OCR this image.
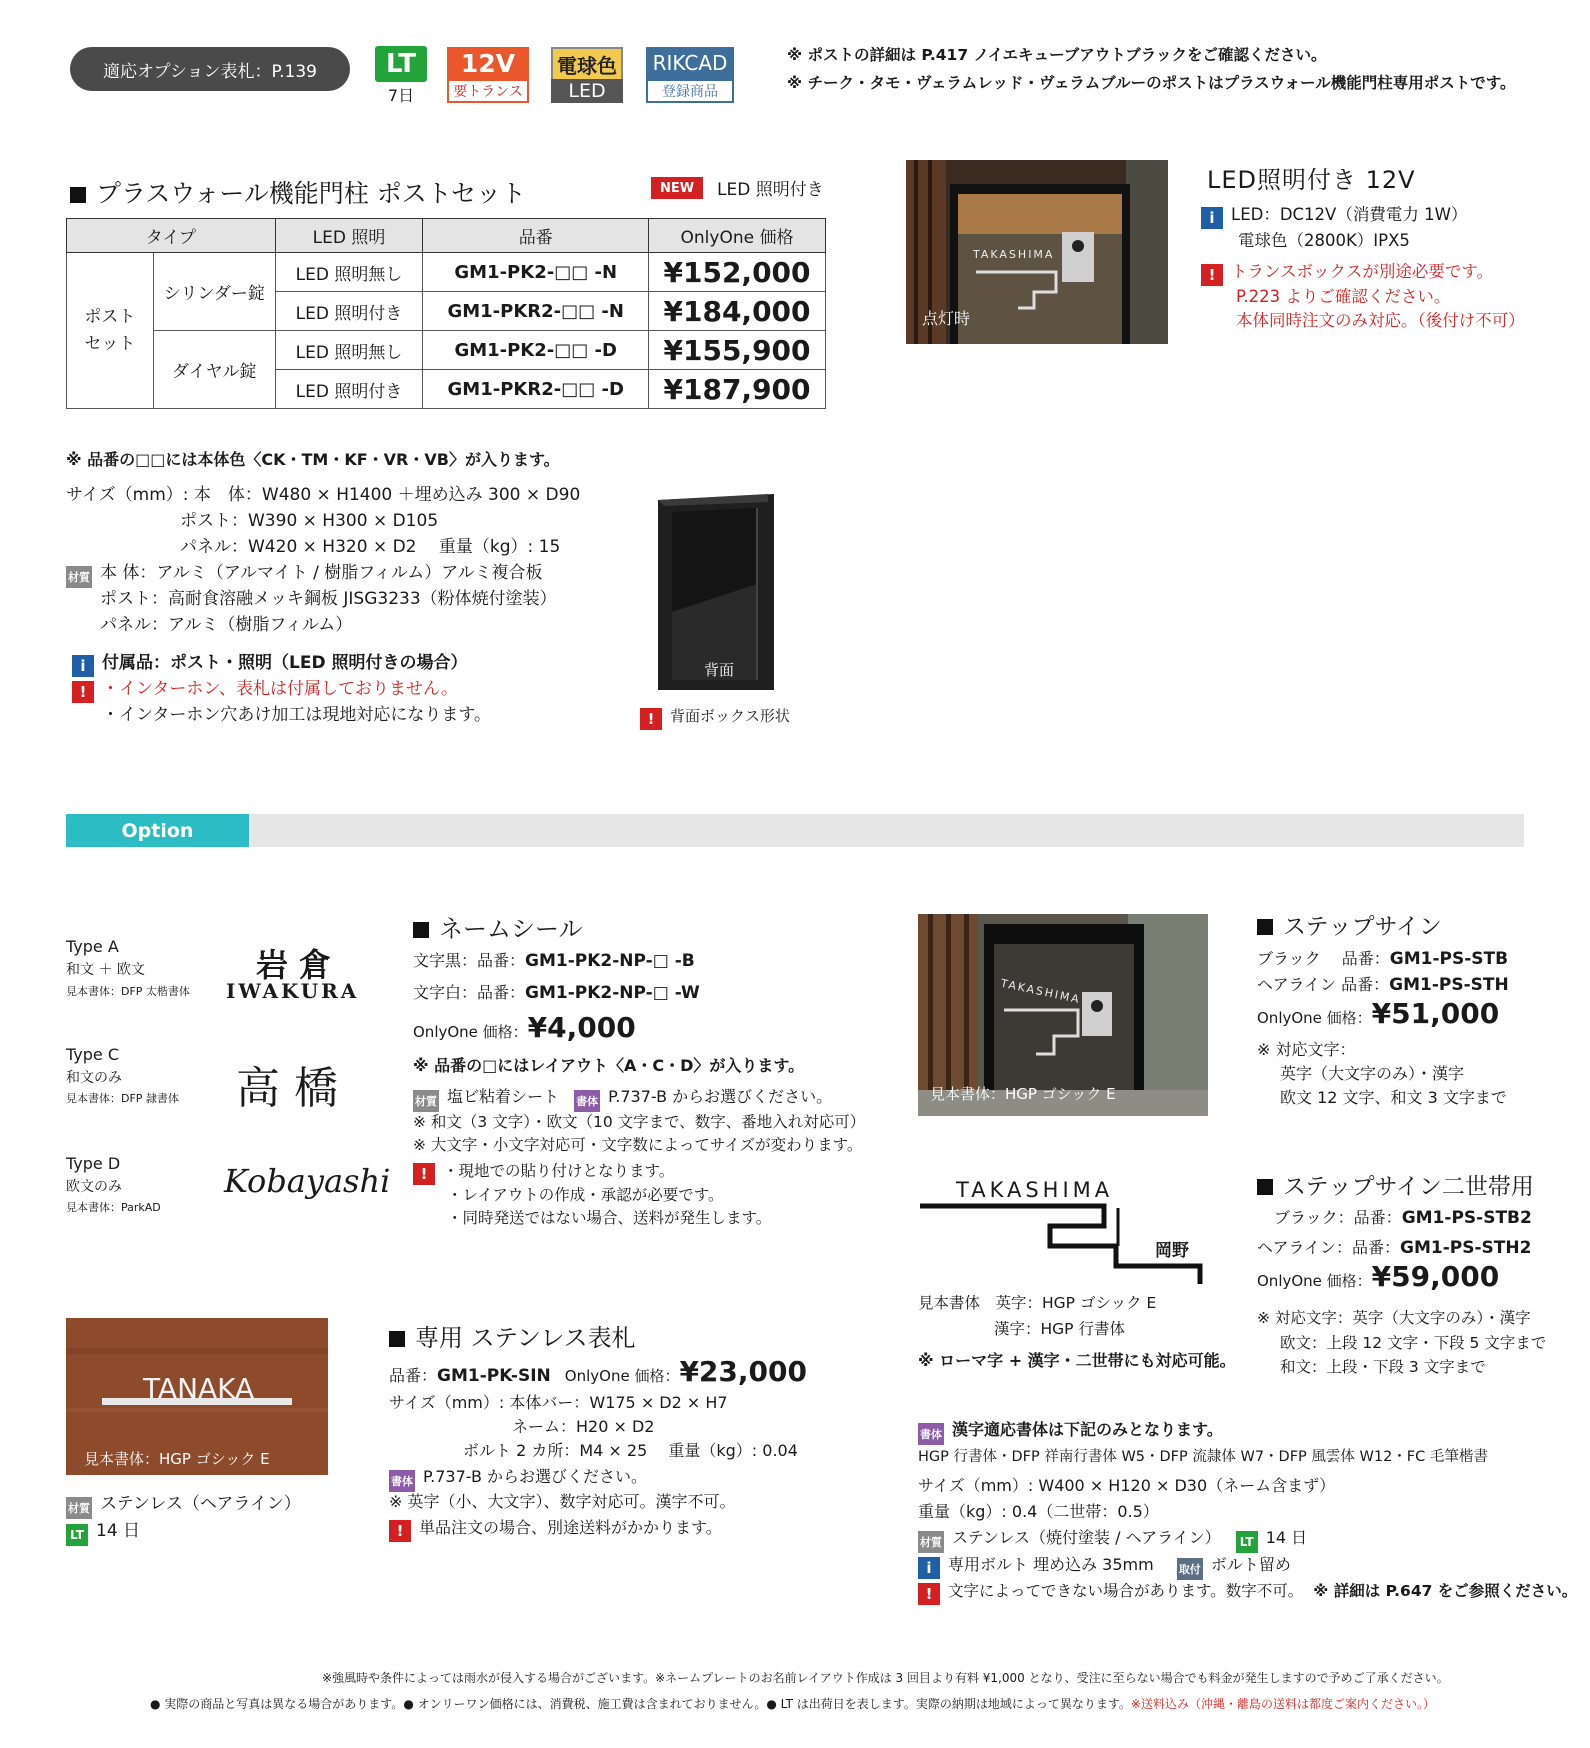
適応オプション表札：P.139	LT
7日
12V
要トランス
電球色
LED
RIKCAD
登録商品
※ ポストの詳細は P.417 ノイエキューブアウトブラックをご確認ください。
※ チーク・タモ・ヴェラムレッド・ヴェラムブルーのポストはプラスウォール機能門柱専用ポストです。
プラスウォール機能門柱 ポストセット	NEW	LED 照明付き
タイプ		LED 照明	品番	OnlyOne 価格
ポスト
セット	シリンダー錠	LED 照明無し	GM1-PK2-□□ -N	¥152,000
		LED 照明付き	GM1-PKR2-□□ -N	¥184,000
	ダイヤル錠	LED 照明無し	GM1-PK2-□□ -D	¥155,900
		LED 照明付き	GM1-PKR2-□□ -D	¥187,900
※ 品番の□□には本体色〈CK・TM・KF・VR・VB〉が入ります。
サイズ（mm）: 本　体：W480 × H1400 ＋埋め込み 300 × D90
ポスト：W390 × H300 × D105
パネル：W420 × H320 × D2　 重量（kg）: 15
材質 本 体：アルミ（アルマイト / 樹脂フィルム）アルミ複合板
ポスト：高耐食溶融メッキ鋼板 JISG3233（粉体焼付塗装）
パネル：アルミ（樹脂フィルム）
i 付属品：ポスト・照明（LED 照明付きの場合）
! ・インターホン、表札は付属しておりません。
・インターホン穴あけ加工は現地対応になります。
背面
! 背面ボックス形状
TAKASHIMA
点灯時
LED照明付き 12V
i LED：DC12V（消費電力 1W）
電球色（2800K）IPX5
! トランスボックスが別途必要です。
P.223 よりご確認ください。
本体同時注文のみ対応。（後付け不可）
Option
Type A
和文 ＋ 欧文
見本書体：DFP 太楷書体
岩 倉
IWAKURA
Type C
和文のみ
見本書体：DFP 隷書体 高 橋
Type D
欧文のみ
見本書体：ParkAD
Kobayashi
ネームシール
文字黒：品番：GM1-PK2-NP-□ -B
文字白：品番：GM1-PK2-NP-□ -W
OnlyOne 価格：¥4,000
※ 品番の□にはレイアウト〈A・C・D〉が入ります。
材質 塩ビ粘着シート 書体 P.737-B からお選びください。
※ 和文（3 文字）・欧文（10 文字まで、数字、番地入れ対応可）
※ 大文字・小文字対応可・文字数によってサイズが変わります。
! ・現地での貼り付けとなります。
・レイアウトの作成・承認が必要です。
・同時発送ではない場合、送料が発生します。
TANAKA
見本書体：HGP ゴシック E
材質 ステンレス（ヘアライン）
LT 14 日
専用 ステンレス表札
品番：GM1-PK-SIN OnlyOne 価格：¥23,000
サイズ（mm）: 本体バー：W175 × D2 × H7
ネーム：H20 × D2
ボルト 2 カ所：M4 × 25　 重量（kg）: 0.04
書体 P.737-B からお選びください。
※ 英字（小、大文字）、数字対応可。漢字不可。
! 単品注文の場合、別途送料がかかります。
TAKASHIMA
見本書体：HGP ゴシック E
ステップサイン
ブラック　 品番：GM1-PS-STB
ヘアライン 品番：GM1-PS-STH
OnlyOne 価格：¥51,000
※ 対応文字：
英字（大文字のみ）・漢字
欧文 12 文字、和文 3 文字まで
TAKASHIMA
岡野
見本書体　英字：HGP ゴシック E
漢字：HGP 行書体
※ ローマ字 + 漢字・二世帯にも対応可能。
ステップサイン二世帯用
ブラック：品番：GM1-PS-STB2
ヘアライン：品番：GM1-PS-STH2
OnlyOne 価格：¥59,000
※ 対応文字：英字（大文字のみ）・漢字
欧文：上段 12 文字・下段 5 文字まで
和文：上段・下段 3 文字まで
書体 漢字適応書体は下記のみとなります。
HGP 行書体・DFP 祥南行書体 W5・DFP 流隷体 W7・DFP 風雲体 W12・FC 毛筆楷書
サイズ（mm）: W400 × H120 × D30（ネーム含まず）
重量（kg）: 0.4（二世帯：0.5）
材質 ステンレス（焼付塗装 / ヘアライン） LT 14 日
i 専用ボルト 埋め込み 35mm 取付 ボルト留め
! 文字によってできない場合があります。数字不可。 ※ 詳細は P.647 をご参照ください。
※強風時や条件によっては雨水が侵入する場合がございます。※ネームプレートのお名前レイアウト作成は 3 回目より有料 ¥1,000 となり、受注に至らない場合でも料金が発生しますので予めご了承ください。
● 実際の商品と写真は異なる場合があります。● オンリーワン価格には、消費税、施工費は含まれておりません。● LT は出荷日を表します。実際の納期は地域によって異なります。※送料込み（沖縄・離島の送料は都度ご案内ください。）
